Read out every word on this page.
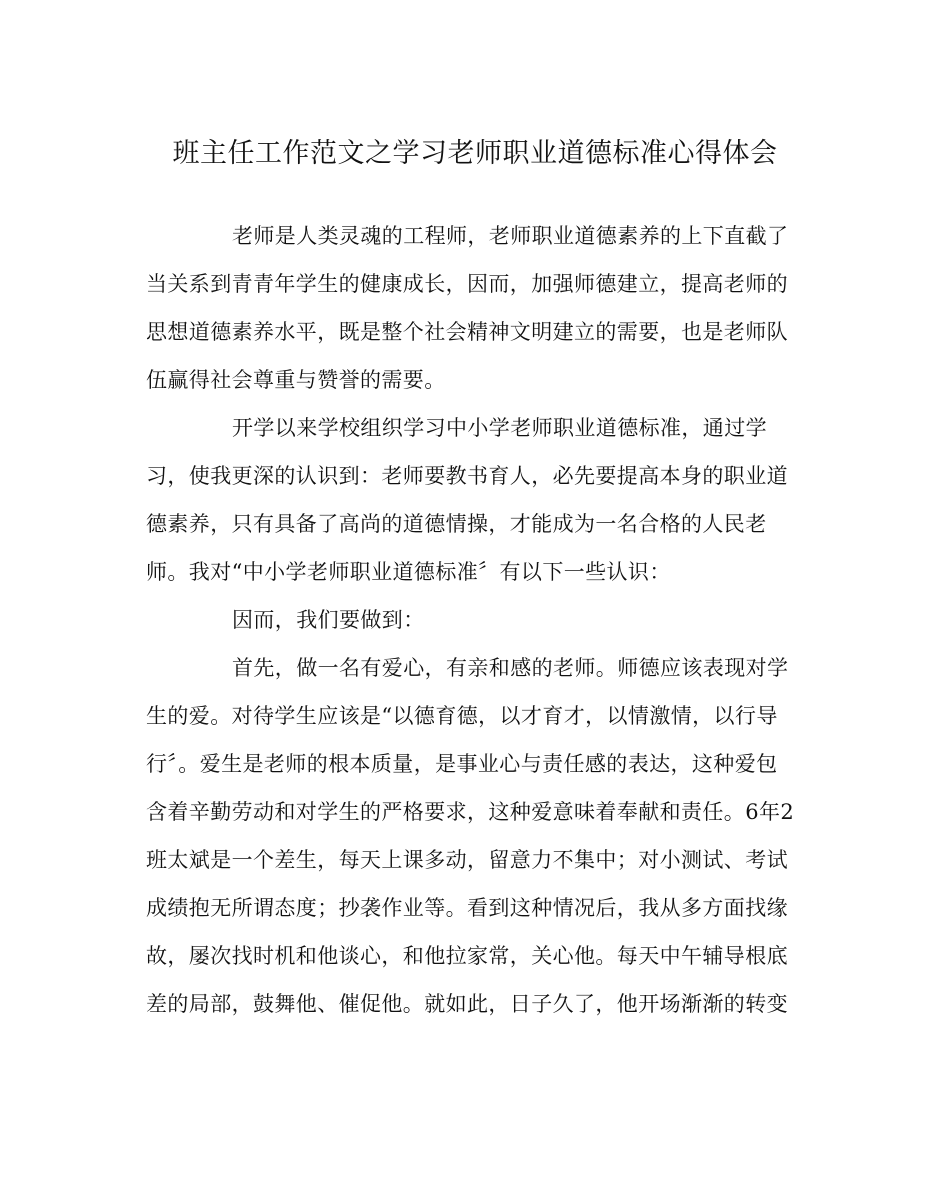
班主任工作范文之学习老师职业道德标准心得体会
老师是人类灵魂的工程师，老师职业道德素养的上下直截了
当关系到青青年学生的健康成长，因而，加强师德建立，提高老师的
思想道德素养水平，既是整个社会精神文明建立的需要，也是老师队
伍赢得社会尊重与赞誉的需要。
开学以来学校组织学习中小学老师职业道德标准，通过学
习，使我更深的认识到：老师要教书育人，必先要提高本身的职业道
德素养，只有具备了高尚的道德情操，才能成为一名合格的人民老
师。我对“中小学老师职业道德标准〞有以下一些认识：
因而，我们要做到：
首先，做一名有爱心，有亲和感的老师。师德应该表现对学
生的爱。对待学生应该是“以德育德，以才育才，以情激情，以行导
行〞。爱生是老师的根本质量，是事业心与责任感的表达，这种爱包
含着辛勤劳动和对学生的严格要求，这种爱意味着奉献和责任。6年2
班太斌是一个差生，每天上课多动，留意力不集中；对小测试、考试
成绩抱无所谓态度；抄袭作业等。看到这种情况后，我从多方面找缘
故，屡次找时机和他谈心，和他拉家常，关心他。每天中午辅导根底
差的局部，鼓舞他、催促他。就如此，日子久了，他开场渐渐的转变
